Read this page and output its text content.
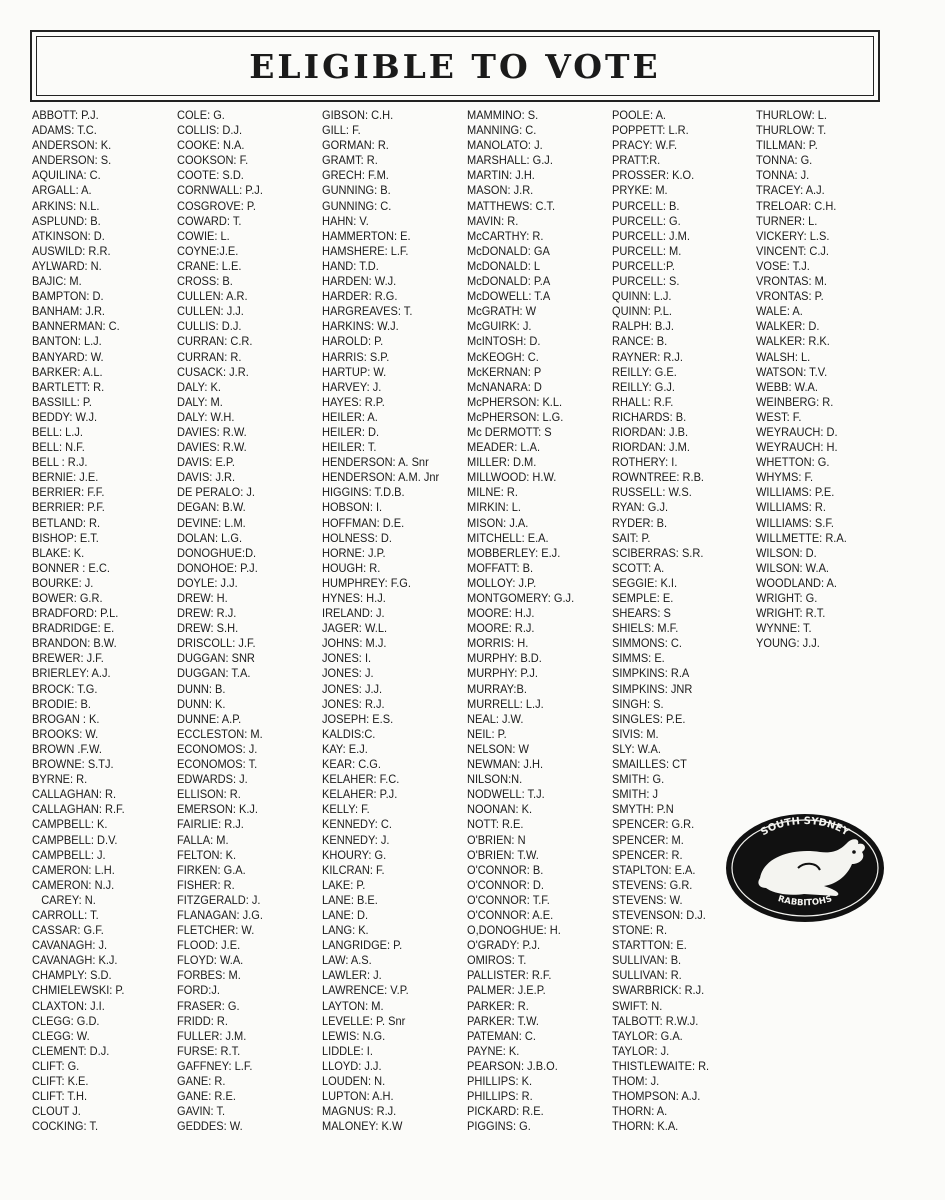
ELIGIBLE TO VOTE
ABBOTT: P.J.
ADAMS: T.C.
ANDERSON: K.
ANDERSON: S.
AQUILINA: C.
ARGALL: A.
ARKINS: N.L.
ASPLUND: B.
ATKINSON: D.
AUSWILD: R.R.
AYLWARD: N.
BAJIC: M.
BAMPTON: D.
BANHAM: J.R.
BANNERMAN: C.
BANTON: L.J.
BANYARD: W.
BARKER: A.L.
BARTLETT: R.
BASSILL: P.
BEDDY: W.J.
BELL: L.J.
BELL: N.F.
BELL : R.J.
BERNIE: J.E.
BERRIER: F.F.
BERRIER: P.F.
BETLAND: R.
BISHOP: E.T.
BLAKE: K.
BONNER : E.C.
BOURKE: J.
BOWER: G.R.
BRADFORD: P.L.
BRADRIDGE: E.
BRANDON: B.W.
BREWER: J.F.
BRIERLEY: A.J.
BROCK: T.G.
BRODIE: B.
BROGAN : K.
BROOKS: W.
BROWN .F.W.
BROWNE: S.TJ.
BYRNE: R.
CALLAGHAN: R.
CALLAGHAN: R.F.
CAMPBELL: K.
CAMPBELL: D.V.
CAMPBELL: J.
CAMERON: L.H.
CAMERON: N.J.
CAREY: N.
CARROLL: T.
CASSAR: G.F.
CAVANAGH: J.
CAVANAGH: K.J.
CHAMPLY: S.D.
CHMIELEWSKI: P.
CLAXTON: J.I.
CLEGG: G.D.
CLEGG: W.
CLEMENT: D.J.
CLIFT: G.
CLIFT: K.E.
CLIFT: T.H.
CLOUT J.
COCKING: T.
COLE: G.
COLLIS: D.J.
COOKE: N.A.
COOKSON: F.
COOTE: S.D.
CORNWALL: P.J.
COSGROVE: P.
COWARD: T.
COWIE: L.
COYNE:J.E.
CRANE: L.E.
CROSS: B.
CULLEN: A.R.
CULLEN: J.J.
CULLIS: D.J.
CURRAN: C.R.
CURRAN: R.
CUSACK: J.R.
DALY: K.
DALY: M.
DALY: W.H.
DAVIES: R.W.
DAVIES: R.W.
DAVIS: E.P.
DAVIS: J.R.
DE PERALO: J.
DEGAN: B.W.
DEVINE: L.M.
DOLAN: L.G.
DONOGHUE:D.
DONOHOE: P.J.
DOYLE: J.J.
DREW: H.
DREW: R.J.
DREW: S.H.
DRISCOLL: J.F.
DUGGAN: SNR
DUGGAN: T.A.
DUNN: B.
DUNN: K.
DUNNE: A.P.
ECCLESTON: M.
ECONOMOS: J.
ECONOMOS: T.
EDWARDS: J.
ELLISON: R.
EMERSON: K.J.
FAIRLIE: R.J.
FALLA: M.
FELTON: K.
FIRKEN: G.A.
FISHER: R.
FITZGERALD: J.
FLANAGAN: J.G.
FLETCHER: W.
FLOOD: J.E.
FLOYD: W.A.
FORBES: M.
FORD:J.
FRASER: G.
FRIDD: R.
FULLER: J.M.
FURSE: R.T.
GAFFNEY: L.F.
GANE: R.
GANE: R.E.
GAVIN: T.
GEDDES: W.
GIBSON: C.H.
GILL: F.
GORMAN: R.
GRAMT: R.
GRECH: F.M.
GUNNING: B.
GUNNING: C.
HAHN: V.
HAMMERTON: E.
HAMSHERE: L.F.
HAND: T.D.
HARDEN: W.J.
HARDER: R.G.
HARGREAVES: T.
HARKINS: W.J.
HAROLD: P.
HARRIS: S.P.
HARTUP: W.
HARVEY: J.
HAYES: R.P.
HEILER: A.
HEILER: D.
HEILER: T.
HENDERSON: A. Snr
HENDERSON: A.M. Jnr
HIGGINS: T.D.B.
HOBSON: I.
HOFFMAN: D.E.
HOLNESS: D.
HORNE: J.P.
HOUGH: R.
HUMPHREY: F.G.
HYNES: H.J.
IRELAND: J.
JAGER: W.L.
JOHNS: M.J.
JONES: I.
JONES: J.
JONES: J.J.
JONES: R.J.
JOSEPH: E.S.
KALDIS:C.
KAY: E.J.
KEAR: C.G.
KELAHER: F.C.
KELAHER: P.J.
KELLY: F.
KENNEDY: C.
KENNEDY: J.
KHOURY: G.
KILCRAN: F.
LAKE: P.
LANE: B.E.
LANE: D.
LANG: K.
LANGRIDGE: P.
LAW: A.S.
LAWLER: J.
LAWRENCE: V.P.
LAYTON: M.
LEVELLE: P. Snr
LEWIS: N.G.
LIDDLE: I.
LLOYD: J.J.
LOUDEN: N.
LUPTON: A.H.
MAGNUS: R.J.
MALONEY: K.W
MAMMINO: S.
MANNING: C.
MANOLATO: J.
MARSHALL: G.J.
MARTIN: J.H.
MASON: J.R.
MATTHEWS: C.T.
MAVIN: R.
McCARTHY: R.
McDONALD: GA
McDONALD: L
McDONALD: P.A
McDOWELL: T.A
McGRATH: W
McGUIRK: J.
McINTOSH: D.
McKEOGH: C.
McKERNAN: P
McNANARA: D
McPHERSON: K.L.
McPHERSON: L.G.
Mc DERMOTT: S
MEADER: L.A.
MILLER: D.M.
MILLWOOD: H.W.
MILNE: R.
MIRKIN: L.
MISON: J.A.
MITCHELL: E.A.
MOBBERLEY: E.J.
MOFFATT: B.
MOLLOY: J.P.
MONTGOMERY: G.J.
MOORE: H.J.
MOORE: R.J.
MORRIS: H.
MURPHY: B.D.
MURPHY: P.J.
MURRAY:B.
MURRELL: L.J.
NEAL: J.W.
NEIL: P.
NELSON: W
NEWMAN: J.H.
NILSON:N.
NODWELL: T.J.
NOONAN: K.
NOTT: R.E.
O'BRIEN: N
O'BRIEN: T.W.
O'CONNOR: B.
O'CONNOR: D.
O'CONNOR: T.F.
O'CONNOR: A.E.
O,DONOGHUE: H.
O'GRADY: P.J.
OMIROS: T.
PALLISTER: R.F.
PALMER: J.E.P.
PARKER: R.
PARKER: T.W.
PATEMAN: C.
PAYNE: K.
PEARSON: J.B.O.
PHILLIPS: K.
PHILLIPS: R.
PICKARD: R.E.
PIGGINS: G.
POOLE: A.
POPPETT: L.R.
PRACY: W.F.
PRATT:R.
PROSSER: K.O.
PRYKE: M.
PURCELL: B.
PURCELL: G.
PURCELL: J.M.
PURCELL: M.
PURCELL:P.
PURCELL: S.
QUINN: L.J.
QUINN: P.L.
RALPH: B.J.
RANCE: B.
RAYNER: R.J.
REILLY: G.E.
REILLY: G.J.
RHALL: R.F.
RICHARDS: B.
RIORDAN: J.B.
RIORDAN: J.M.
ROTHERY: I.
ROWNTREE: R.B.
RUSSELL: W.S.
RYAN: G.J.
RYDER: B.
SAIT: P.
SCIBERRAS: S.R.
SCOTT: A.
SEGGIE: K.I.
SEMPLE: E.
SHEARS: S
SHIELS: M.F.
SIMMONS: C.
SIMMS: E.
SIMPKINS: R.A
SIMPKINS: JNR
SINGH: S.
SINGLES: P.E.
SIVIS: M.
SLY: W.A.
SMAILLES: CT
SMITH: G.
SMITH: J
SMYTH: P.N
SPENCER: G.R.
SPENCER: M.
SPENCER: R.
STAPLTON: E.A.
STEVENS: G.R.
STEVENS: W.
STEVENSON: D.J.
STONE: R.
STARTTON: E.
SULLIVAN: B.
SULLIVAN: R.
SWARBRICK: R.J.
SWIFT: N.
TALBOTT: R.W.J.
TAYLOR: G.A.
TAYLOR: J.
THISTLEWAITE: R.
THOM: J.
THOMPSON: A.J.
THORN: A.
THORN: K.A.
THURLOW: L.
THURLOW: T.
TILLMAN: P.
TONNA: G.
TONNA: J.
TRACEY: A.J.
TRELOAR: C.H.
TURNER: L.
VICKERY: L.S.
VINCENT: C.J.
VOSE: T.J.
VRONTAS: M.
VRONTAS: P.
WALE: A.
WALKER: D.
WALKER: R.K.
WALSH: L.
WATSON: T.V.
WEBB: W.A.
WEINBERG: R.
WEST: F.
WEYRAUCH: D.
WEYRAUCH: H.
WHETTON: G.
WHYMS: F.
WILLIAMS: P.E.
WILLIAMS: R.
WILLIAMS: S.F.
WILLMETTE: R.A.
WILSON: D.
WILSON: W.A.
WOODLAND: A.
WRIGHT: G.
WRIGHT: R.T.
WYNNE: T.
YOUNG: J.J.
SOUTH SYDNEY
RABBITOHS
